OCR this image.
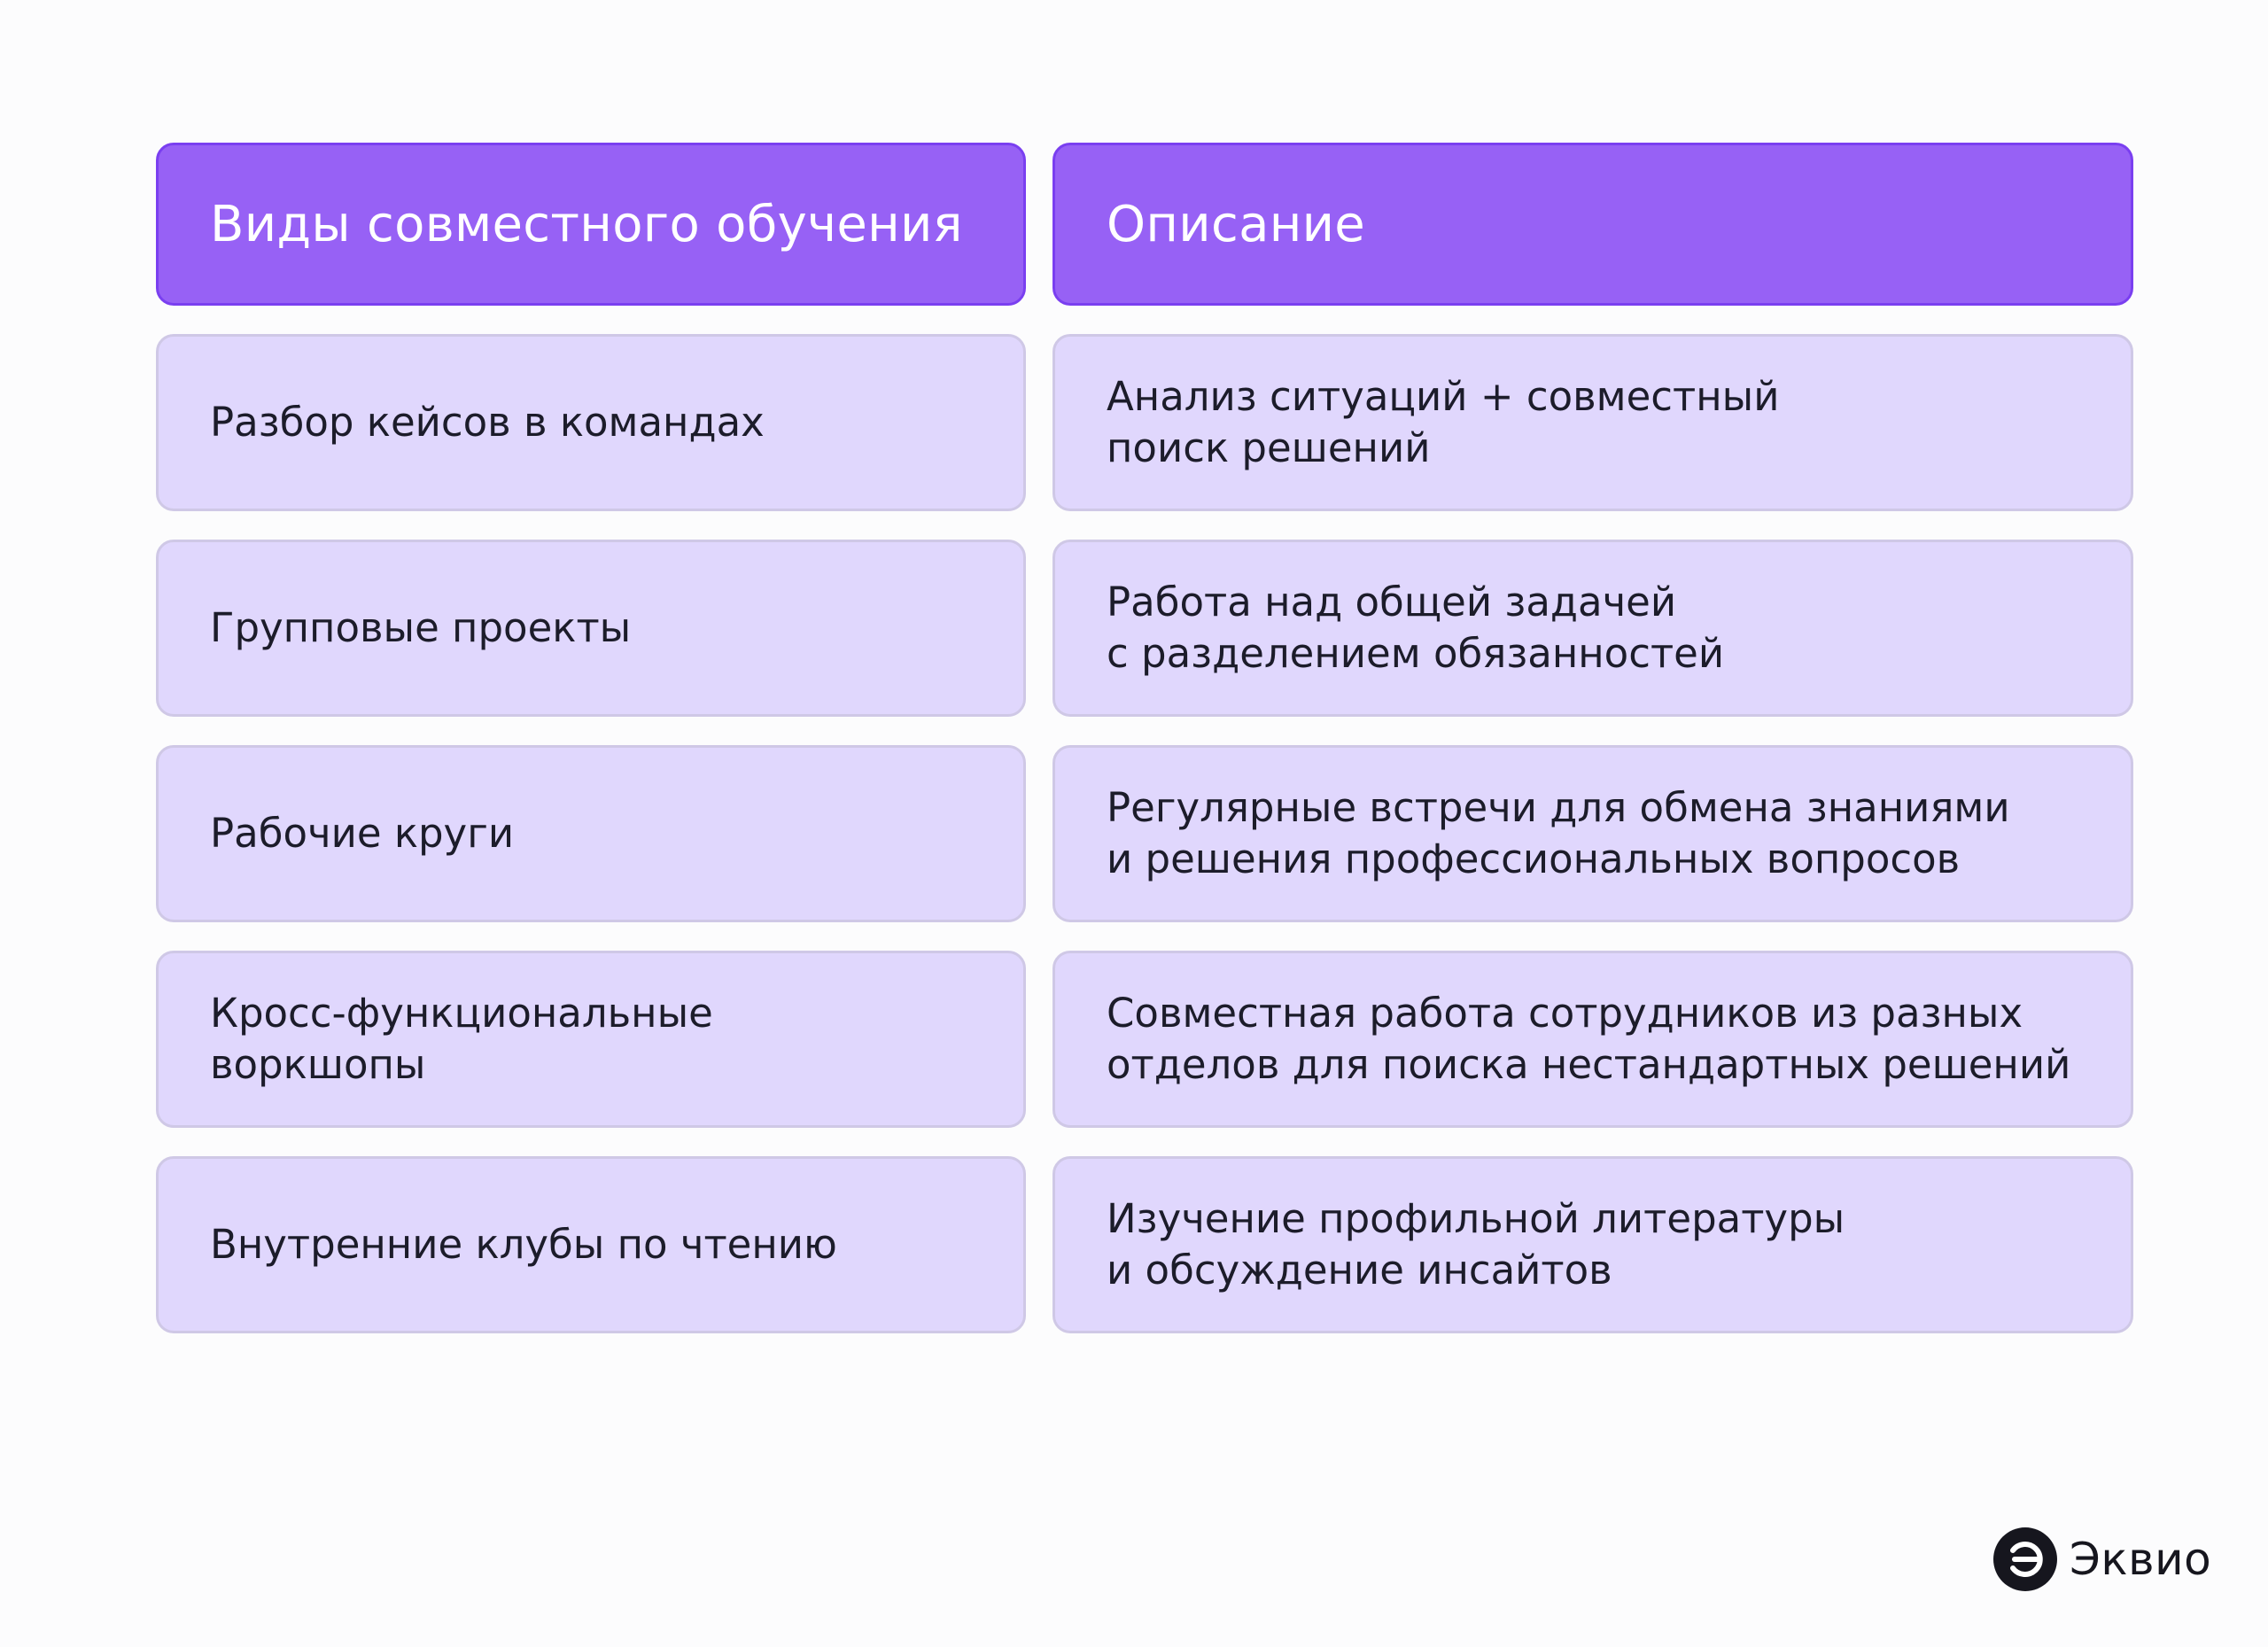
Виды совместного обучения	Описание
Разбор кейсов в командах
Анализ ситуаций + совместный
поиск решений
Групповые проекты
Работа над общей задачей
с разделением обязанностей
Рабочие круги
Регулярные встречи для обмена знаниями
и решения профессиональных вопросов
Кросс-функциональные
воркшопы
Совместная работа сотрудников из разных
отделов для поиска нестандартных решений
Внутренние клубы по чтению
Изучение профильной литературы
и обсуждение инсайтов
Эквио
